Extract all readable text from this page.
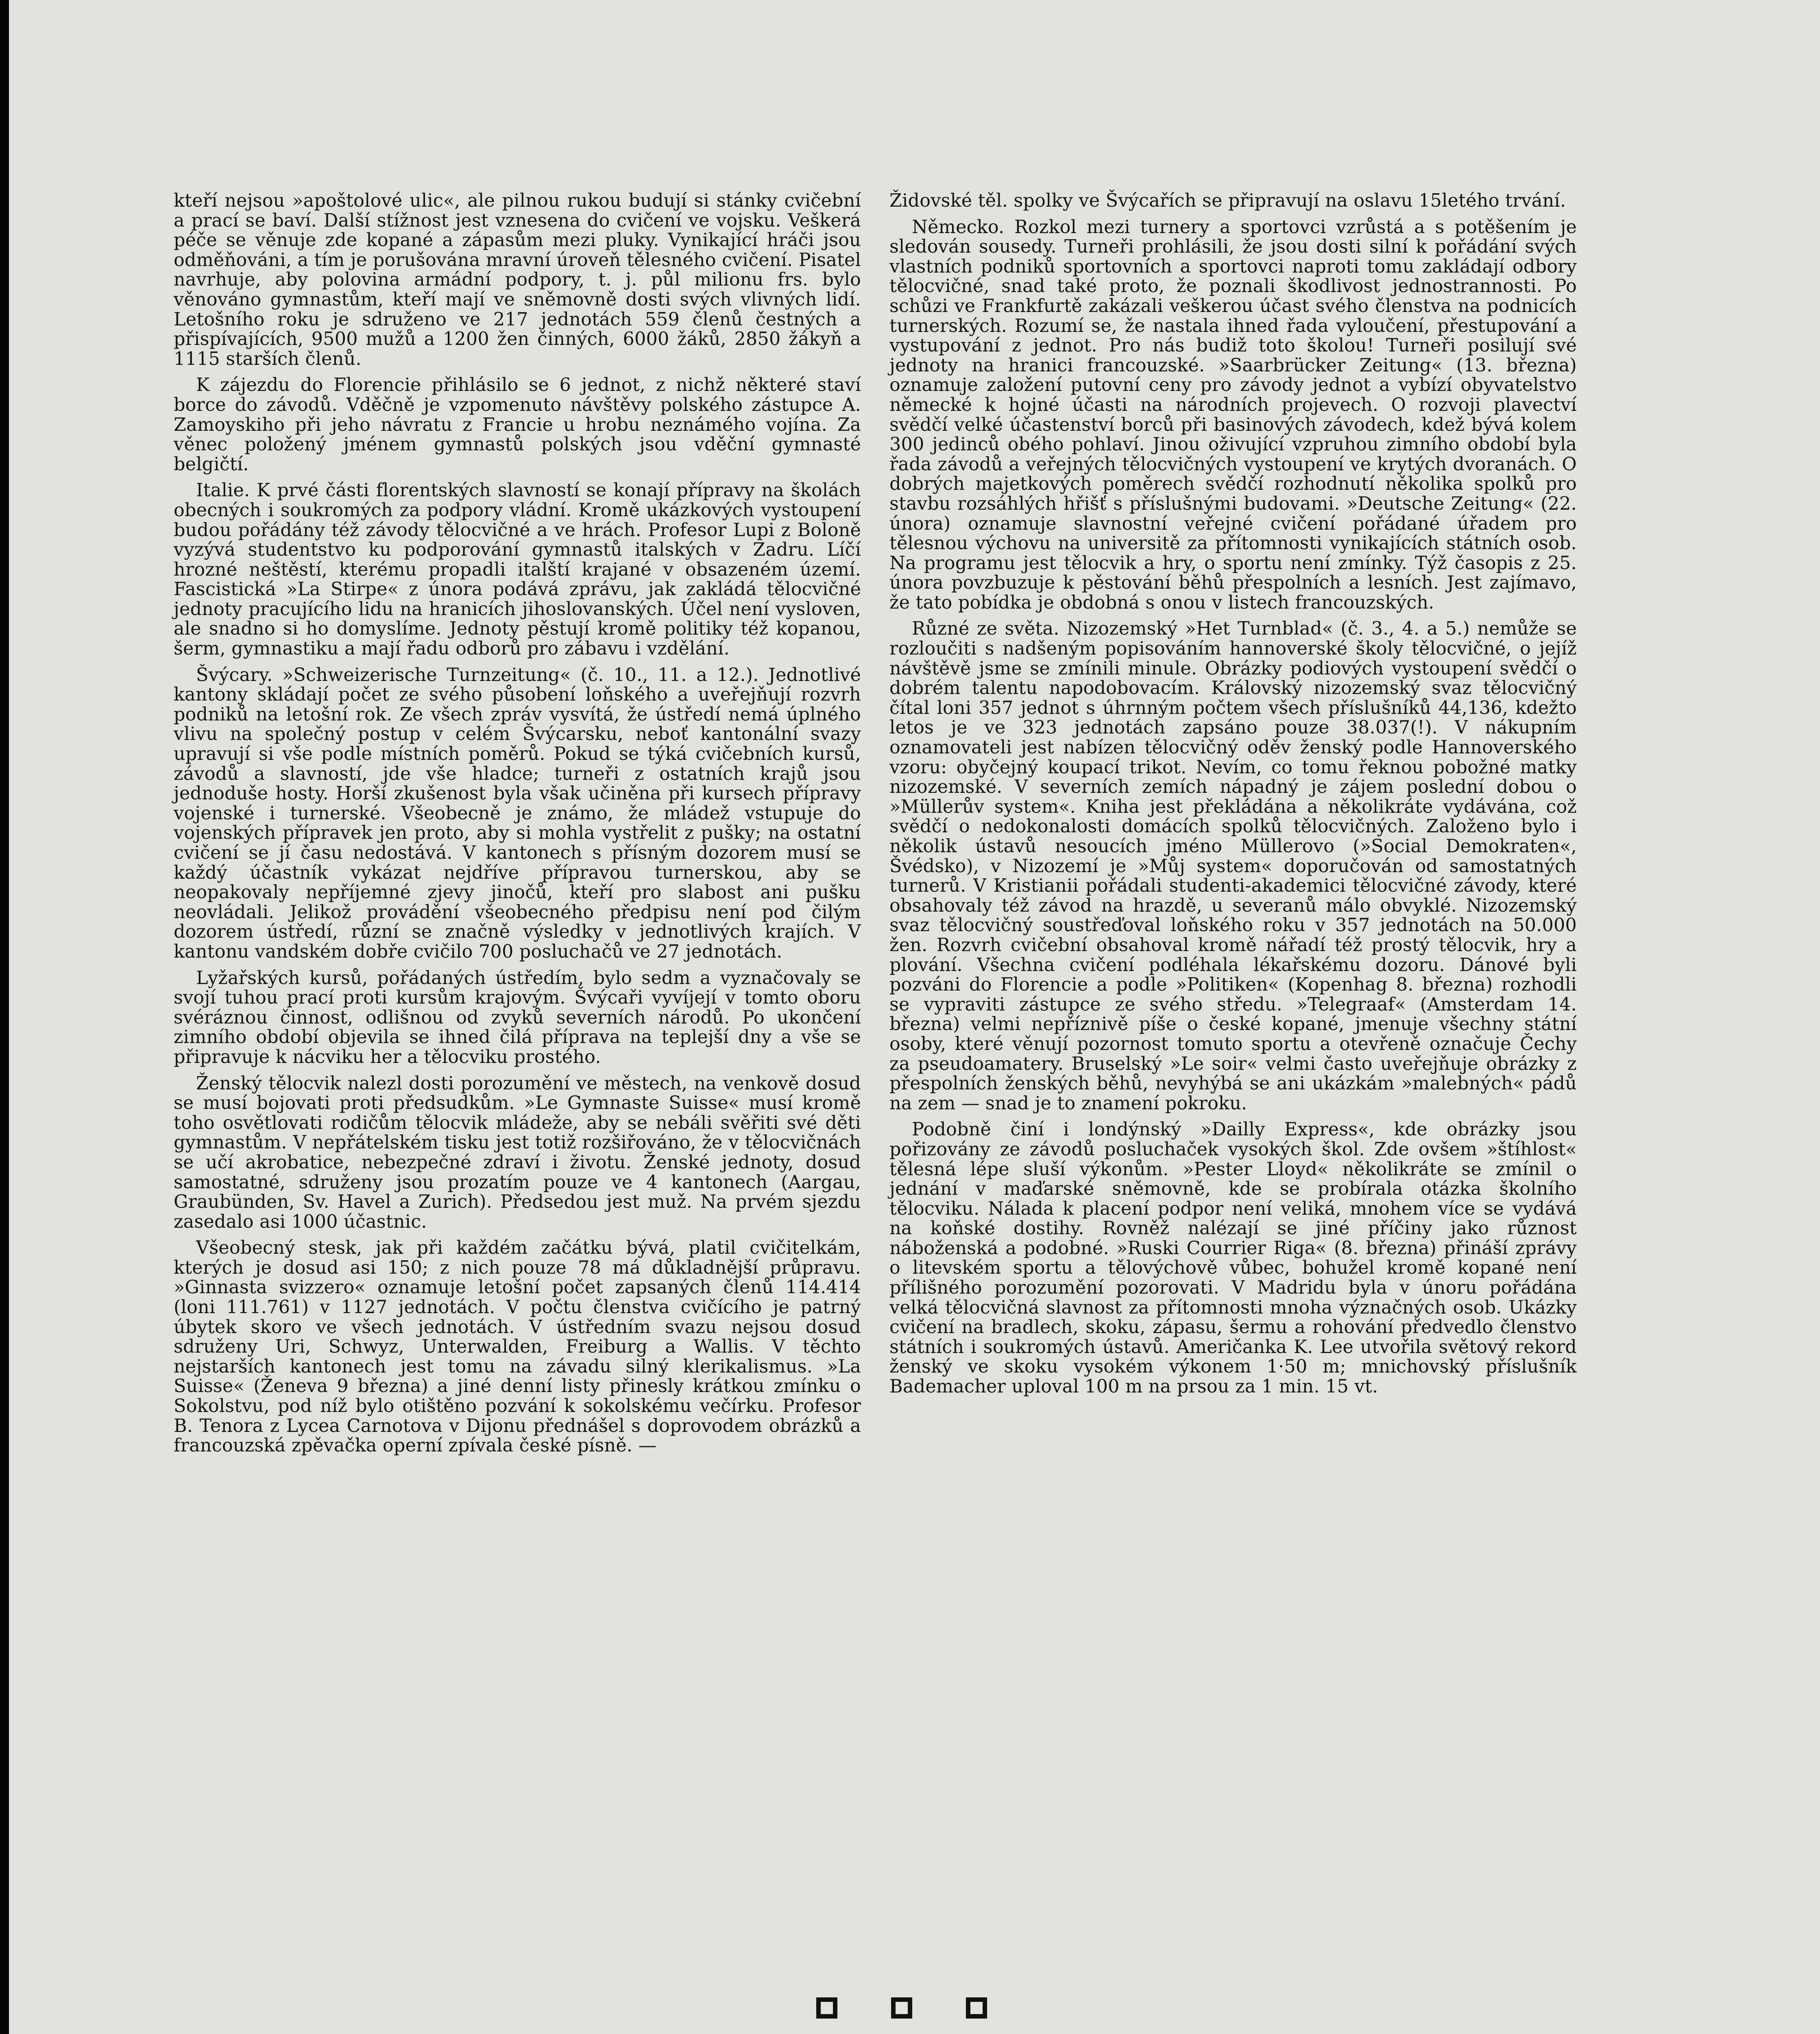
kteří nejsou »apoštolové ulic«, ale pilnou rukou budují si stánky cvičební a prací se baví. Další stížnost jest vznesena do cvičení ve vojsku. Veškerá péče se věnuje zde kopané a zápasům mezi pluky. Vynikající hráči jsou odměňováni, a tím je porušována mravní úroveň tělesného cvičení. Pisatel navrhuje, aby polovina armádní podpory, t. j. půl milionu frs. bylo věnováno gymnastům, kteří mají ve sněmovně dosti svých vlivných lidí. Letošního roku je sdruženo ve 217 jednotách 559 členů čestných a přispívajících, 9500 mužů a 1200 žen činných, 6000 žáků, 2850 žákyň a 1115 starších členů.

K zájezdu do Florencie přihlásilo se 6 jednot, z nichž některé staví borce do závodů. Vděčně je vzpomenuto návštěvy polského zástupce A. Zamoyskiho při jeho návratu z Francie u hrobu neznámého vojína. Za věnec položený jménem gymnastů polských jsou vděční gymnasté belgičtí.

Italie. K prvé části florentských slavností se konají přípravy na školách obecných i soukromých za podpory vládní. Kromě ukázkových vystoupení budou pořádány též závody tělocvičné a ve hrách. Profesor Lupi z Boloně vyzývá studentstvo ku podporování gymnastů italských v Zadru. Líčí hrozné neštěstí, kterému propadli italští krajané v obsazeném území. Fascistická »La Stirpe« z února podává zprávu, jak zakládá tělocvičné jednoty pracujícího lidu na hranicích jihoslovanských. Účel není vysloven, ale snadno si ho domyslíme. Jednoty pěstují kromě politiky též kopanou, šerm, gymnastiku a mají řadu odborů pro zábavu i vzdělání.

Švýcary. »Schweizerische Turnzeitung« (č. 10., 11. a 12.). Jednotlivé kantony skládají počet ze svého působení loňského a uveřejňují rozvrh podniků na letošní rok. Ze všech zpráv vysvítá, že ústředí nemá úplného vlivu na společný postup v celém Švýcarsku, neboť kantonální svazy upravují si vše podle místních poměrů. Pokud se týká cvičebních kursů, závodů a slavností, jde vše hladce; turneři z ostatních krajů jsou jednoduše hosty. Horší zkušenost byla však učiněna při kursech přípravy vojenské i turnerské. Všeobecně je známo, že mládež vstupuje do vojenských přípravek jen proto, aby si mohla vystřelit z pušky; na ostatní cvičení se jí času nedostává. V kantonech s přísným dozorem musí se každý účastník vykázat nejdříve přípravou turnerskou, aby se neopakovaly nepříjemné zjevy jinočů, kteří pro slabost ani pušku neovládali. Jelikož provádění všeobecného předpisu není pod čilým dozorem ústředí, různí se značně výsledky v jednotlivých krajích. V kantonu vandském dobře cvičilo 700 posluchačů ve 27 jednotách.

Lyžařských kursů, pořádaných ústředím, bylo sedm a vyznačovaly se svojí tuhou prací proti kursům krajovým. Švýcaři vyvíjejí v tomto oboru svéráznou činnost, odlišnou od zvyků severních národů. Po ukončení zimního období objevila se ihned čilá příprava na teplejší dny a vše se připravuje k nácviku her a tělocviku prostého.

Ženský tělocvik nalezl dosti porozumění ve městech, na venkově dosud se musí bojovati proti předsudkům. »Le Gymnaste Suisse« musí kromě toho osvětlovati rodičům tělocvik mládeže, aby se nebáli svěřiti své děti gymnastům. V nepřátelském tisku jest totiž rozšiřováno, že v tělocvičnách se učí akrobatice, nebezpečné zdraví i životu. Ženské jednoty, dosud samostatné, sdruženy jsou prozatím pouze ve 4 kantonech (Aargau, Graubünden, Sv. Havel a Zurich). Předsedou jest muž. Na prvém sjezdu zasedalo asi 1000 účastnic.

Všeobecný stesk, jak při každém začátku bývá, platil cvičitelkám, kterých je dosud asi 150; z nich pouze 78 má důkladnější průpravu. »Ginnasta svizzero« oznamuje letošní počet zapsaných členů 114.414 (loni 111.761) v 1127 jednotách. V počtu členstva cvičícího je patrný úbytek skoro ve všech jednotách. V ústředním svazu nejsou dosud sdruženy Uri, Schwyz, Unterwalden, Freiburg a Wallis. V těchto nejstarších kantonech jest tomu na závadu silný klerikalismus. »La Suisse« (Ženeva 9 března) a jiné denní listy přinesly krátkou zmínku o Sokolstvu, pod níž bylo otištěno pozvání k sokolskému večírku. Profesor B. Tenora z Lycea Carnotova v Dijonu přednášel s doprovodem obrázků a francouzská zpěvačka operní zpívala české písně. —

Židovské těl. spolky ve Švýcařích se připravují na oslavu 15letého trvání.

Německo. Rozkol mezi turnery a sportovci vzrůstá a s potěšením je sledován sousedy. Turneři prohlásili, že jsou dosti silní k pořádání svých vlastních podniků sportovních a sportovci naproti tomu zakládají odbory tělocvičné, snad také proto, že poznali škodlivost jednostrannosti. Po schůzi ve Frankfurtě zakázali veškerou účast svého členstva na podnicích turnerských. Rozumí se, že nastala ihned řada vyloučení, přestupování a vystupování z jednot. Pro nás budiž toto školou! Turneři posilují své jednoty na hranici francouzské. »Saarbrücker Zeitung« (13. března) oznamuje založení putovní ceny pro závody jednot a vybízí obyvatelstvo německé k hojné účasti na národních projevech. O rozvoji plavectví svědčí velké účastenství borců při basinových závodech, kdež bývá kolem 300 jedinců obého pohlaví. Jinou oživující vzpruhou zimního období byla řada závodů a veřejných tělocvičných vystoupení ve krytých dvoranách. O dobrých majetkových poměrech svědčí rozhodnutí několika spolků pro stavbu rozsáhlých hřišť s příslušnými budovami. »Deutsche Zeitung« (22. února) oznamuje slavnostní veřejné cvičení pořádané úřadem pro tělesnou výchovu na universitě za přítomnosti vynikajících státních osob. Na programu jest tělocvik a hry, o sportu není zmínky. Týž časopis z 25. února povzbuzuje k pěstování běhů přespolních a lesních. Jest zajímavo, že tato pobídka je obdobná s onou v listech francouzských.

Různé ze světa. Nizozemský »Het Turnblad« (č. 3., 4. a 5.) nemůže se rozloučiti s nadšeným popisováním hannoverské školy tělocvičné, o jejíž návštěvě jsme se zmínili minule. Obrázky podiových vystoupení svědčí o dobrém talentu napodobovacím. Královský nizozemský svaz tělocvičný čítal loni 357 jednot s úhrnným počtem všech příslušníků 44,136, kdežto letos je ve 323 jednotách zapsáno pouze 38.037(!). V nákupním oznamovateli jest nabízen tělocvičný oděv ženský podle Hannoverského vzoru: obyčejný koupací trikot. Nevím, co tomu řeknou pobožné matky nizozemské. V severních zemích nápadný je zájem poslední dobou o »Müllerův system«. Kniha jest překládána a několikráte vydávána, což svědčí o nedokonalosti domácích spolků tělocvičných. Založeno bylo i několik ústavů nesoucích jméno Müllerovo (»Social Demokraten«, Švédsko), v Nizozemí je »Můj system« doporučován od samostatných turnerů. V Kristianii pořádali studenti-akademici tělocvičné závody, které obsahovaly též závod na hrazdě, u severanů málo obvyklé. Nizozemský svaz tělocvičný soustřeďoval loňského roku v 357 jednotách na 50.000 žen. Rozvrh cvičební obsahoval kromě nářadí též prostý tělocvik, hry a plování. Všechna cvičení podléhala lékařskému dozoru. Dánové byli pozváni do Florencie a podle »Politiken« (Kopenhag 8. března) rozhodli se vypraviti zástupce ze svého středu. »Telegraaf« (Amsterdam 14. března) velmi nepříznivě píše o české kopané, jmenuje všechny státní osoby, které věnují pozornost tomuto sportu a otevřeně označuje Čechy za pseudoamatery. Bruselský »Le soir« velmi často uveřejňuje obrázky z přespolních ženských běhů, nevyhýbá se ani ukázkám »malebných« pádů na zem — snad je to znamení pokroku.

Podobně činí i londýnský »Dailly Express«, kde obrázky jsou pořizovány ze závodů posluchaček vysokých škol. Zde ovšem »štíhlost« tělesná lépe sluší výkonům. »Pester Lloyd« několikráte se zmínil o jednání v maďarské sněmovně, kde se probírala otázka školního tělocviku. Nálada k placení podpor není veliká, mnohem více se vydává na koňské dostihy. Rovněž nalézají se jiné příčiny jako různost náboženská a podobné. »Ruski Courrier Riga« (8. března) přináší zprávy o litevském sportu a tělovýchově vůbec, bohužel kromě kopané není přílišného porozumění pozorovati. V Madridu byla v únoru pořádána velká tělocvičná slavnost za přítomnosti mnoha význačných osob. Ukázky cvičení na bradlech, skoku, zápasu, šermu a rohování předvedlo členstvo státních i soukromých ústavů. Američanka K. Lee utvořila světový rekord ženský ve skoku vysokém výkonem 1·50 m; mnichovský příslušník Bademacher uploval 100 m na prsou za 1 min. 15 vt.
